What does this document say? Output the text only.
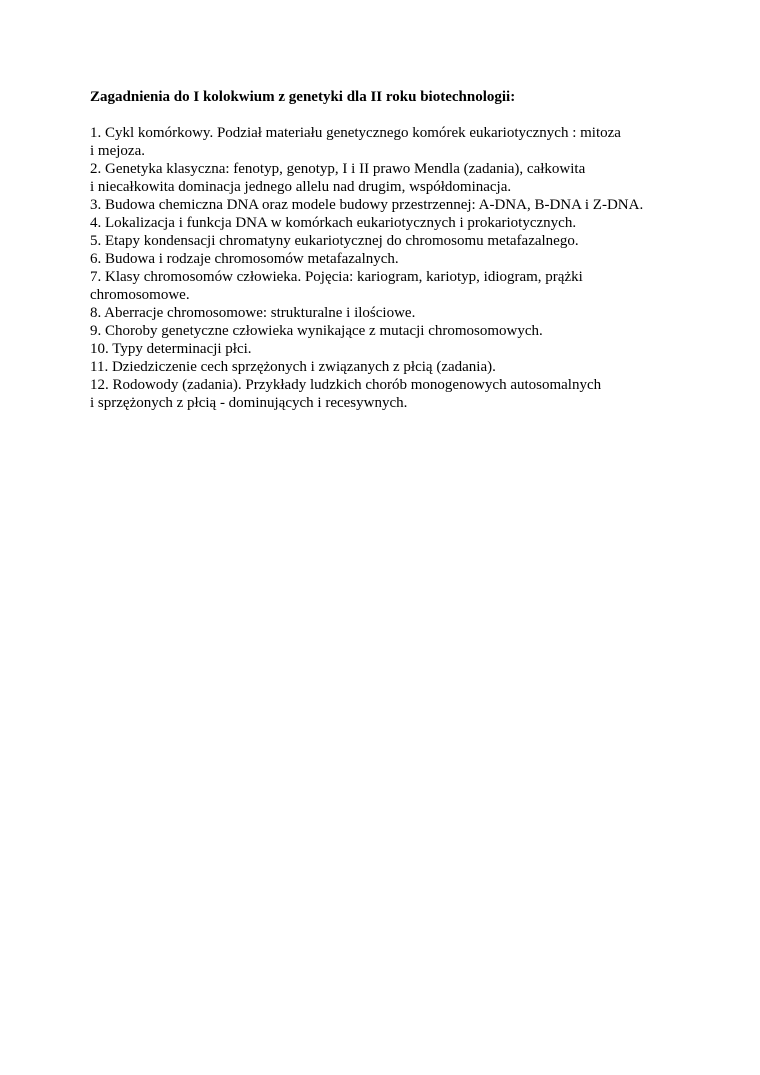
Zagadnienia do I kolokwium z genetyki dla II roku biotechnologii:
1. Cykl komórkowy. Podział materiału genetycznego komórek eukariotycznych : mitoza
i mejoza.
2. Genetyka klasyczna: fenotyp, genotyp, I i II prawo Mendla (zadania), całkowita
i niecałkowita dominacja jednego allelu nad drugim, współdominacja.
3. Budowa chemiczna DNA oraz modele budowy przestrzennej: A-DNA, B-DNA i Z-DNA.
4. Lokalizacja i funkcja DNA w komórkach eukariotycznych i prokariotycznych.
5. Etapy kondensacji chromatyny eukariotycznej do chromosomu metafazalnego.
6. Budowa i rodzaje chromosomów metafazalnych.
7. Klasy chromosomów człowieka. Pojęcia: kariogram, kariotyp, idiogram, prążki
chromosomowe.
8. Aberracje chromosomowe: strukturalne i ilościowe.
9. Choroby genetyczne człowieka wynikające z mutacji chromosomowych.
10. Typy determinacji płci.
11. Dziedziczenie cech sprzężonych i związanych z płcią (zadania).
12. Rodowody (zadania). Przykłady ludzkich chorób monogenowych autosomalnych
i sprzężonych z płcią - dominujących i recesywnych.
